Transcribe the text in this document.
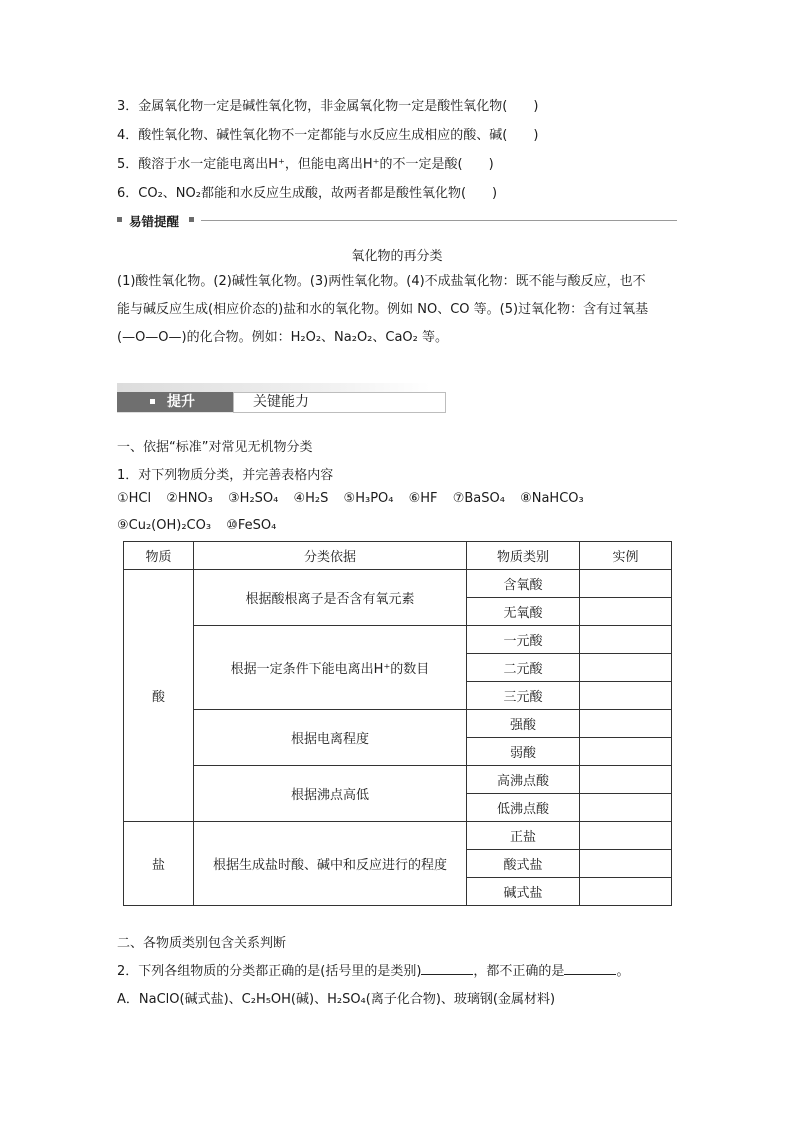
3．金属氧化物一定是碱性氧化物，非金属氧化物一定是酸性氧化物(　　)
4．酸性氧化物、碱性氧化物不一定都能与水反应生成相应的酸、碱(　　)
5．酸溶于水一定能电离出H⁺，但能电离出H⁺的不一定是酸(　　)
6．CO₂、NO₂都能和水反应生成酸，故两者都是酸性氧化物(　　)
易错提醒
氧化物的再分类
(1)酸性氧化物。(2)碱性氧化物。(3)两性氧化物。(4)不成盐氧化物：既不能与酸反应，也不
能与碱反应生成(相应价态的)盐和水的氧化物。例如 NO、CO 等。(5)过氧化物：含有过氧基
(—O—O—)的化合物。例如：H₂O₂、Na₂O₂、CaO₂ 等。
提升	关键能力
一、依据“标准”对常见无机物分类
1．对下列物质分类，并完善表格内容
①HCl ②HNO₃ ③H₂SO₄ ④H₂S ⑤H₃PO₄ ⑥HF ⑦BaSO₄ ⑧NaHCO₃
⑨Cu₂(OH)₂CO₃ ⑩FeSO₄
物质	分类依据	物质类别	实例
酸	根据酸根离子是否含有氧元素	含氧酸	
		无氧酸	
	根据一定条件下能电离出H⁺的数目	一元酸	
		二元酸	
		三元酸	
	根据电离程度	强酸	
		弱酸	
	根据沸点高低	高沸点酸	
		低沸点酸	
盐	根据生成盐时酸、碱中和反应进行的程度	正盐	
		酸式盐	
		碱式盐	
二、各物质类别包含关系判断
2．下列各组物质的分类都正确的是(括号里的是类别)	，都不正确的是	。
A．NaClO(碱式盐)、C₂H₅OH(碱)、H₂SO₄(离子化合物)、玻璃钢(金属材料)
